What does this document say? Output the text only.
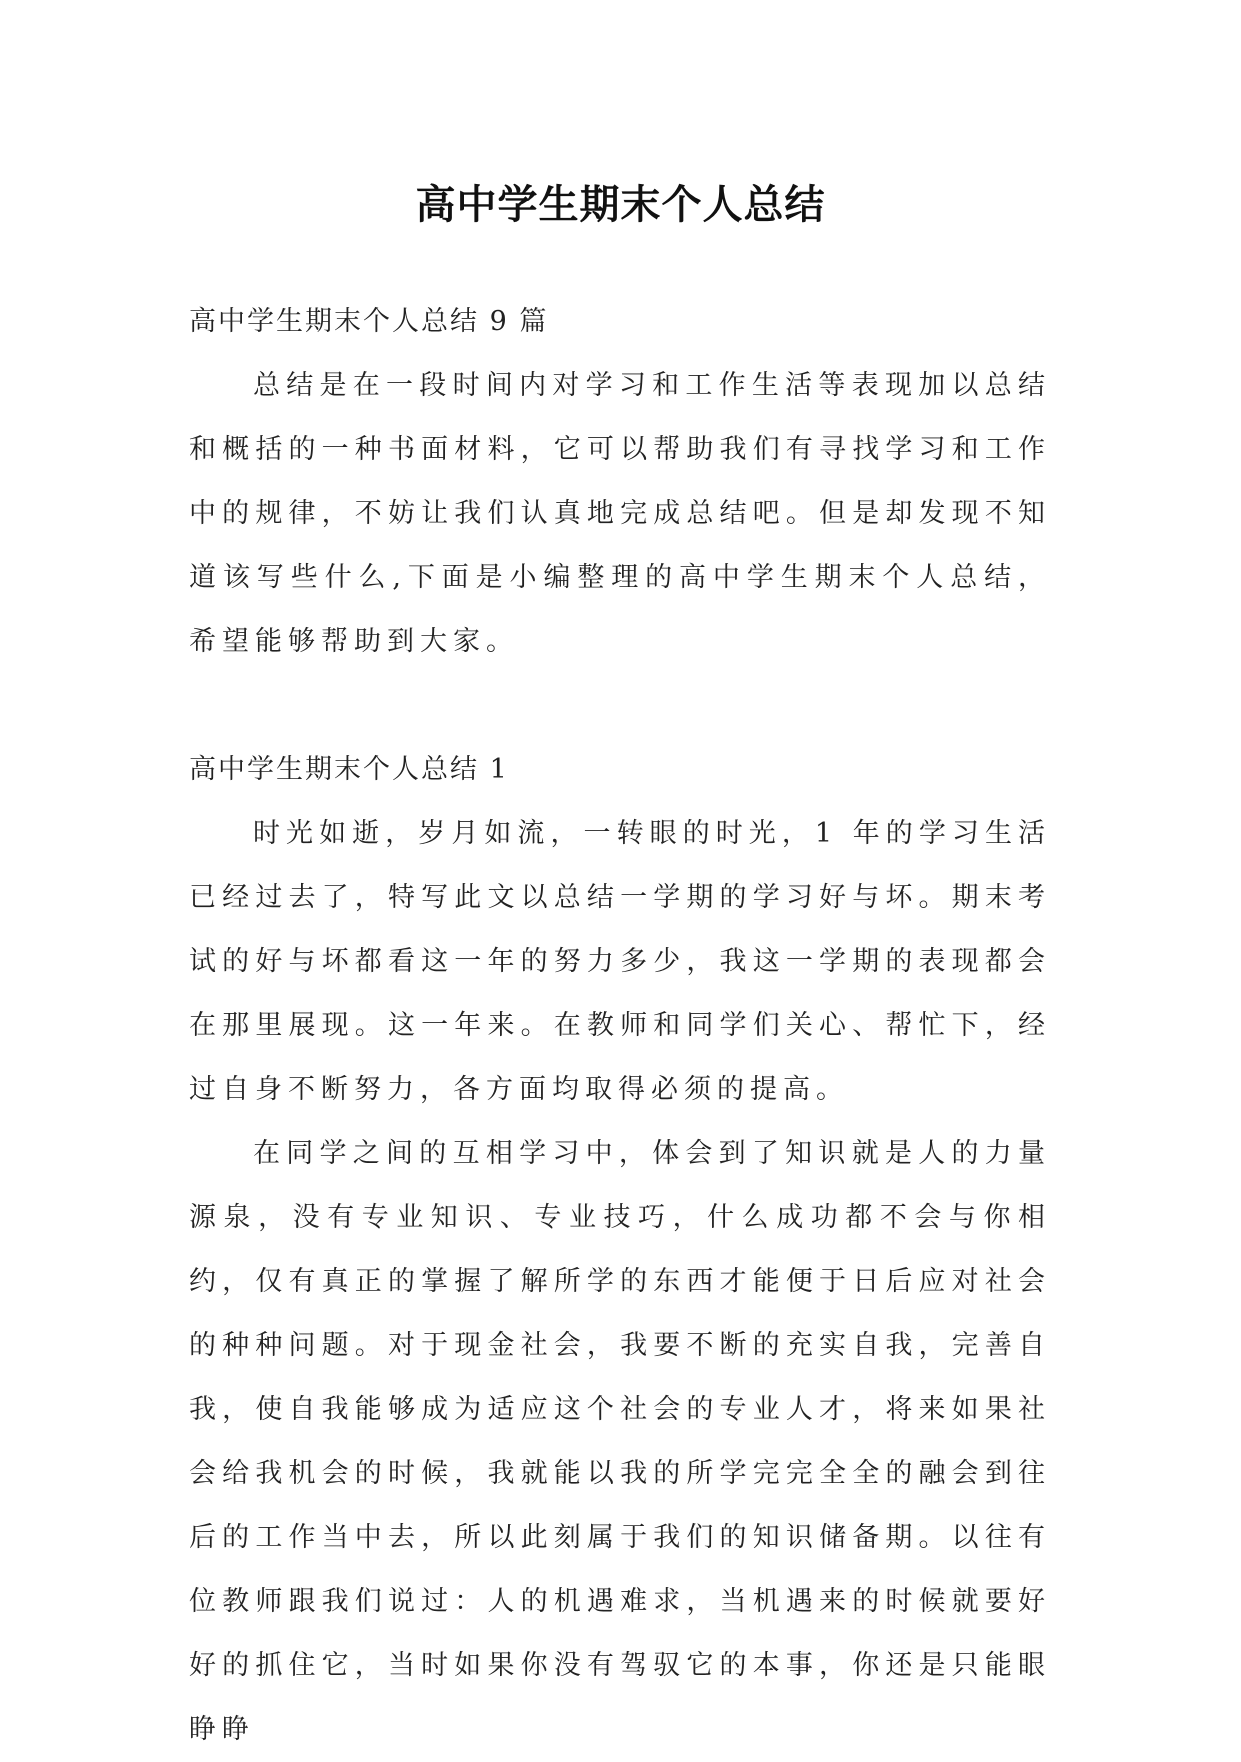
高中学生期末个人总结

高中学生期末个人总结 9 篇

总结是在一段时间内对学习和工作生活等表现加以总结和概括的一种书面材料，它可以帮助我们有寻找学习和工作中的规律，不妨让我们认真地完成总结吧。但是却发现不知道该写些什么,下面是小编整理的高中学生期末个人总结，希望能够帮助到大家。

高中学生期末个人总结 1

时光如逝，岁月如流，一转眼的时光，1 年的学习生活已经过去了，特写此文以总结一学期的学习好与坏。期末考试的好与坏都看这一年的努力多少，我这一学期的表现都会在那里展现。这一年来。在教师和同学们关心、帮忙下，经过自身不断努力，各方面均取得必须的提高。

在同学之间的互相学习中，体会到了知识就是人的力量源泉，没有专业知识、专业技巧，什么成功都不会与你相约，仅有真正的掌握了解所学的东西才能便于日后应对社会的种种问题。对于现金社会，我要不断的充实自我，完善自我，使自我能够成为适应这个社会的专业人才，将来如果社会给我机会的时候，我就能以我的所学完完全全的融会到往后的工作当中去，所以此刻属于我们的知识储备期。以往有位教师跟我们说过：人的机遇难求，当机遇来的时候就要好好的抓住它，当时如果你没有驾驭它的本事，你还是只能眼睁睁
